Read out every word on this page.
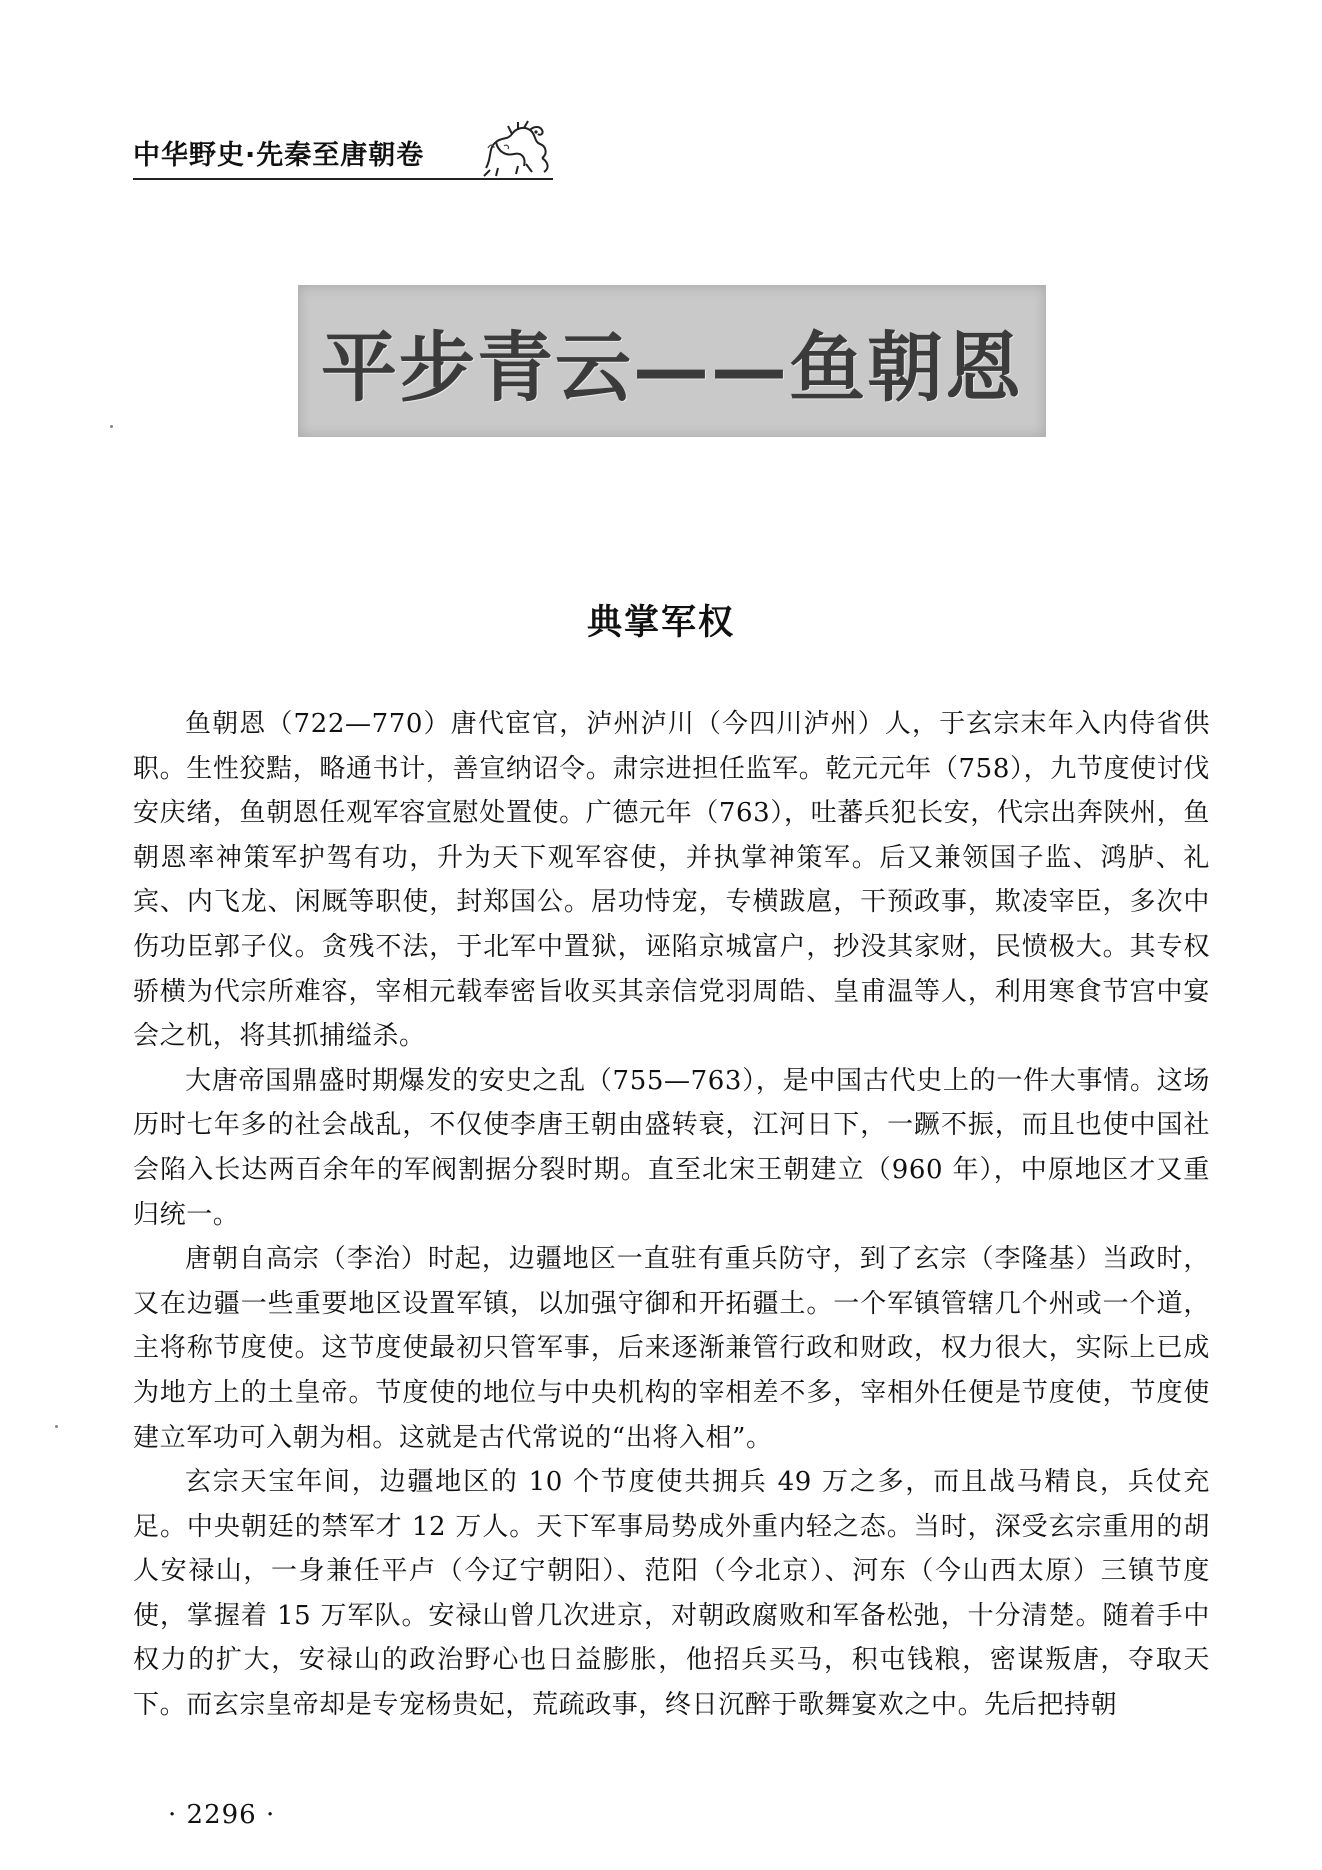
中华野史·先秦至唐朝卷
平步青云——鱼朝恩
典掌军权

鱼朝恩（722—770）唐代宦官，泸州泸川（今四川泸州）人，于玄宗末年入内侍省供职。生性狡黠，略通书计，善宣纳诏令。肃宗进担任监军。乾元元年（758），九节度使讨伐安庆绪，鱼朝恩任观军容宣慰处置使。广德元年（763），吐蕃兵犯长安，代宗出奔陕州，鱼朝恩率神策军护驾有功，升为天下观军容使，并执掌神策军。后又兼领国子监、鸿胪、礼宾、内飞龙、闲厩等职使，封郑国公。居功恃宠，专横跋扈，干预政事，欺凌宰臣，多次中伤功臣郭子仪。贪残不法，于北军中置狱，诬陷京城富户，抄没其家财，民愤极大。其专权骄横为代宗所难容，宰相元载奉密旨收买其亲信党羽周皓、皇甫温等人，利用寒食节宫中宴会之机，将其抓捕缢杀。

大唐帝国鼎盛时期爆发的安史之乱（755—763），是中国古代史上的一件大事情。这场历时七年多的社会战乱，不仅使李唐王朝由盛转衰，江河日下，一蹶不振，而且也使中国社会陷入长达两百余年的军阀割据分裂时期。直至北宋王朝建立（960 年），中原地区才又重归统一。

唐朝自高宗（李治）时起，边疆地区一直驻有重兵防守，到了玄宗（李隆基）当政时，又在边疆一些重要地区设置军镇，以加强守御和开拓疆土。一个军镇管辖几个州或一个道，主将称节度使。这节度使最初只管军事，后来逐渐兼管行政和财政，权力很大，实际上已成为地方上的土皇帝。节度使的地位与中央机构的宰相差不多，宰相外任便是节度使，节度使建立军功可入朝为相。这就是古代常说的“出将入相”。

玄宗天宝年间，边疆地区的 10 个节度使共拥兵 49 万之多，而且战马精良，兵仗充足。中央朝廷的禁军才 12 万人。天下军事局势成外重内轻之态。当时，深受玄宗重用的胡人安禄山，一身兼任平卢（今辽宁朝阳）、范阳（今北京）、河东（今山西太原）三镇节度使，掌握着 15 万军队。安禄山曾几次进京，对朝政腐败和军备松弛，十分清楚。随着手中权力的扩大，安禄山的政治野心也日益膨胀，他招兵买马，积屯钱粮，密谋叛唐，夺取天下。而玄宗皇帝却是专宠杨贵妃，荒疏政事，终日沉醉于歌舞宴欢之中。先后把持朝

· 2296 ·
